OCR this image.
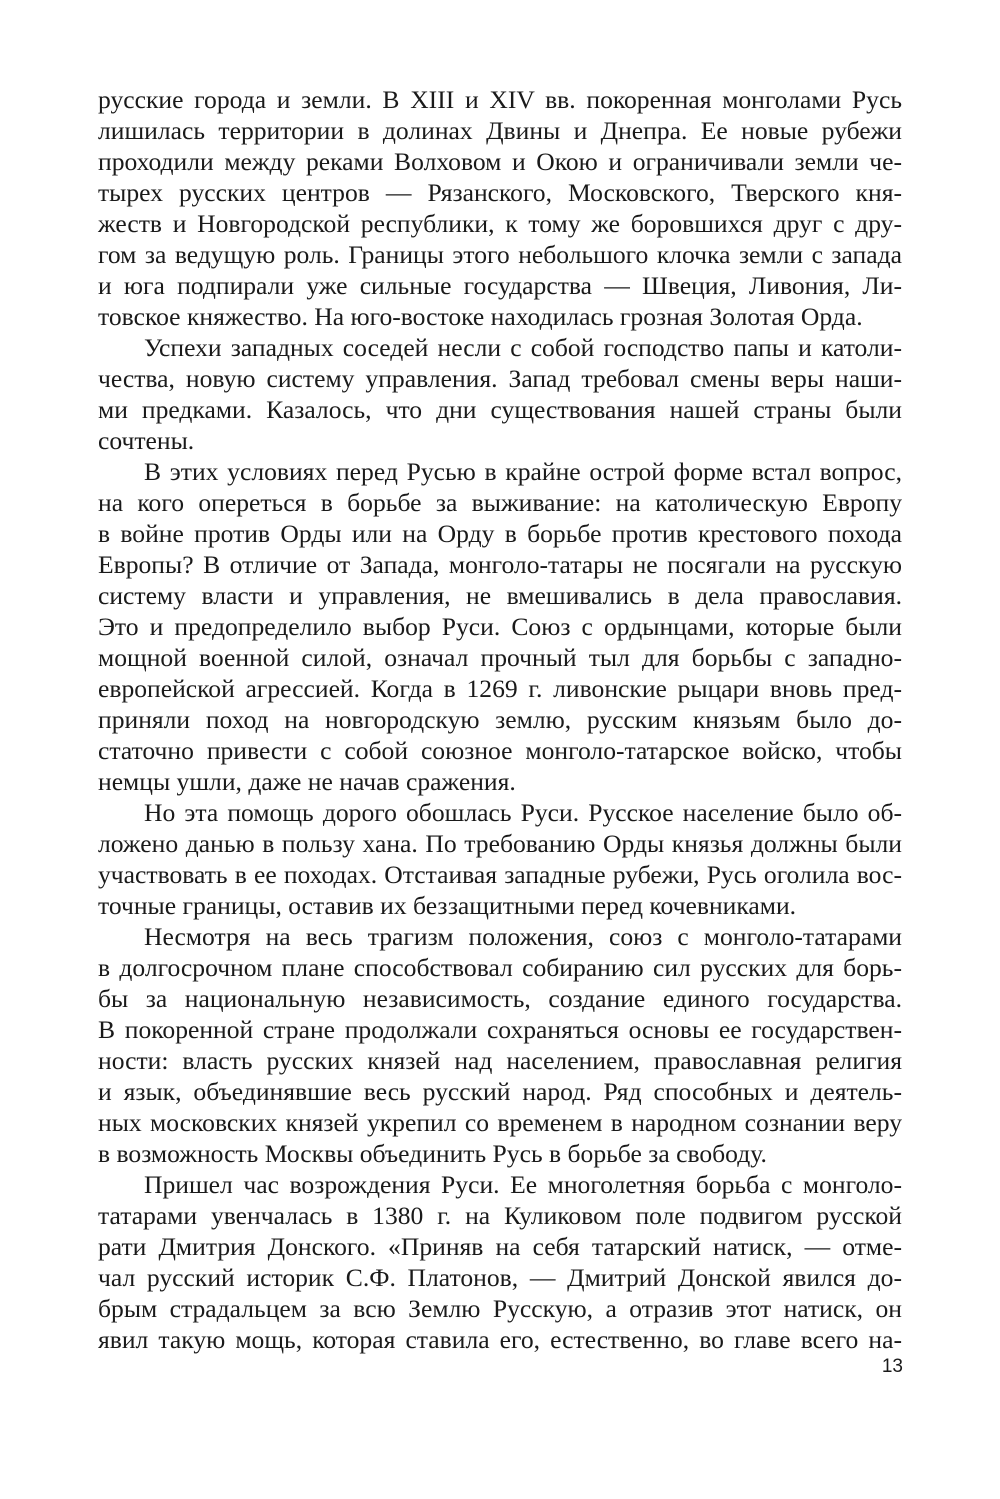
русские города и земли. В XIII и XIV вв. покоренная монголами Русь
лишилась территории в долинах Двины и Днепра. Ее новые рубежи
проходили между реками Волховом и Окою и ограничивали земли че-
тырех русских центров — Рязанского, Московского, Тверского кня-
жеств и Новгородской республики, к тому же боровшихся друг с дру-
гом за ведущую роль. Границы этого небольшого клочка земли с запада
и юга подпирали уже сильные государства — Швеция, Ливония, Ли-
товское княжество. На юго-востоке находилась грозная Золотая Орда.

Успехи западных соседей несли с собой господство папы и католи-
чества, новую систему управления. Запад требовал смены веры наши-
ми предками. Казалось, что дни существования нашей страны были
сочтены.

В этих условиях перед Русью в крайне острой форме встал вопрос,
на кого опереться в борьбе за выживание: на католическую Европу
в войне против Орды или на Орду в борьбе против крестового похода
Европы? В отличие от Запада, монголо-татары не посягали на русскую
систему власти и управления, не вмешивались в дела православия.
Это и предопределило выбор Руси. Союз с ордынцами, которые были
мощной военной силой, означал прочный тыл для борьбы с западно-
европейской агрессией. Когда в 1269 г. ливонские рыцари вновь пред-
приняли поход на новгородскую землю, русским князьям было до-
статочно привести с собой союзное монголо-татарское войско, чтобы
немцы ушли, даже не начав сражения.

Но эта помощь дорого обошлась Руси. Русское население было об-
ложено данью в пользу хана. По требованию Орды князья должны были
участвовать в ее походах. Отстаивая западные рубежи, Русь оголила вос-
точные границы, оставив их беззащитными перед кочевниками.

Несмотря на весь трагизм положения, союз с монголо-татарами
в долгосрочном плане способствовал собиранию сил русских для борь-
бы за национальную независимость, создание единого государства.
В покоренной стране продолжали сохраняться основы ее государствен-
ности: власть русских князей над населением, православная религия
и язык, объединявшие весь русский народ. Ряд способных и деятель-
ных московских князей укрепил со временем в народном сознании веру
в возможность Москвы объединить Русь в борьбе за свободу.

Пришел час возрождения Руси. Ее многолетняя борьба с монголо-
татарами увенчалась в 1380 г. на Куликовом поле подвигом русской
рати Дмитрия Донского. «Приняв на себя татарский натиск, — отме-
чал русский историк С.Ф. Платонов, — Дмитрий Донской явился до-
брым страдальцем за всю Землю Русскую, а отразив этот натиск, он
явил такую мощь, которая ставила его, естественно, во главе всего на-

13
